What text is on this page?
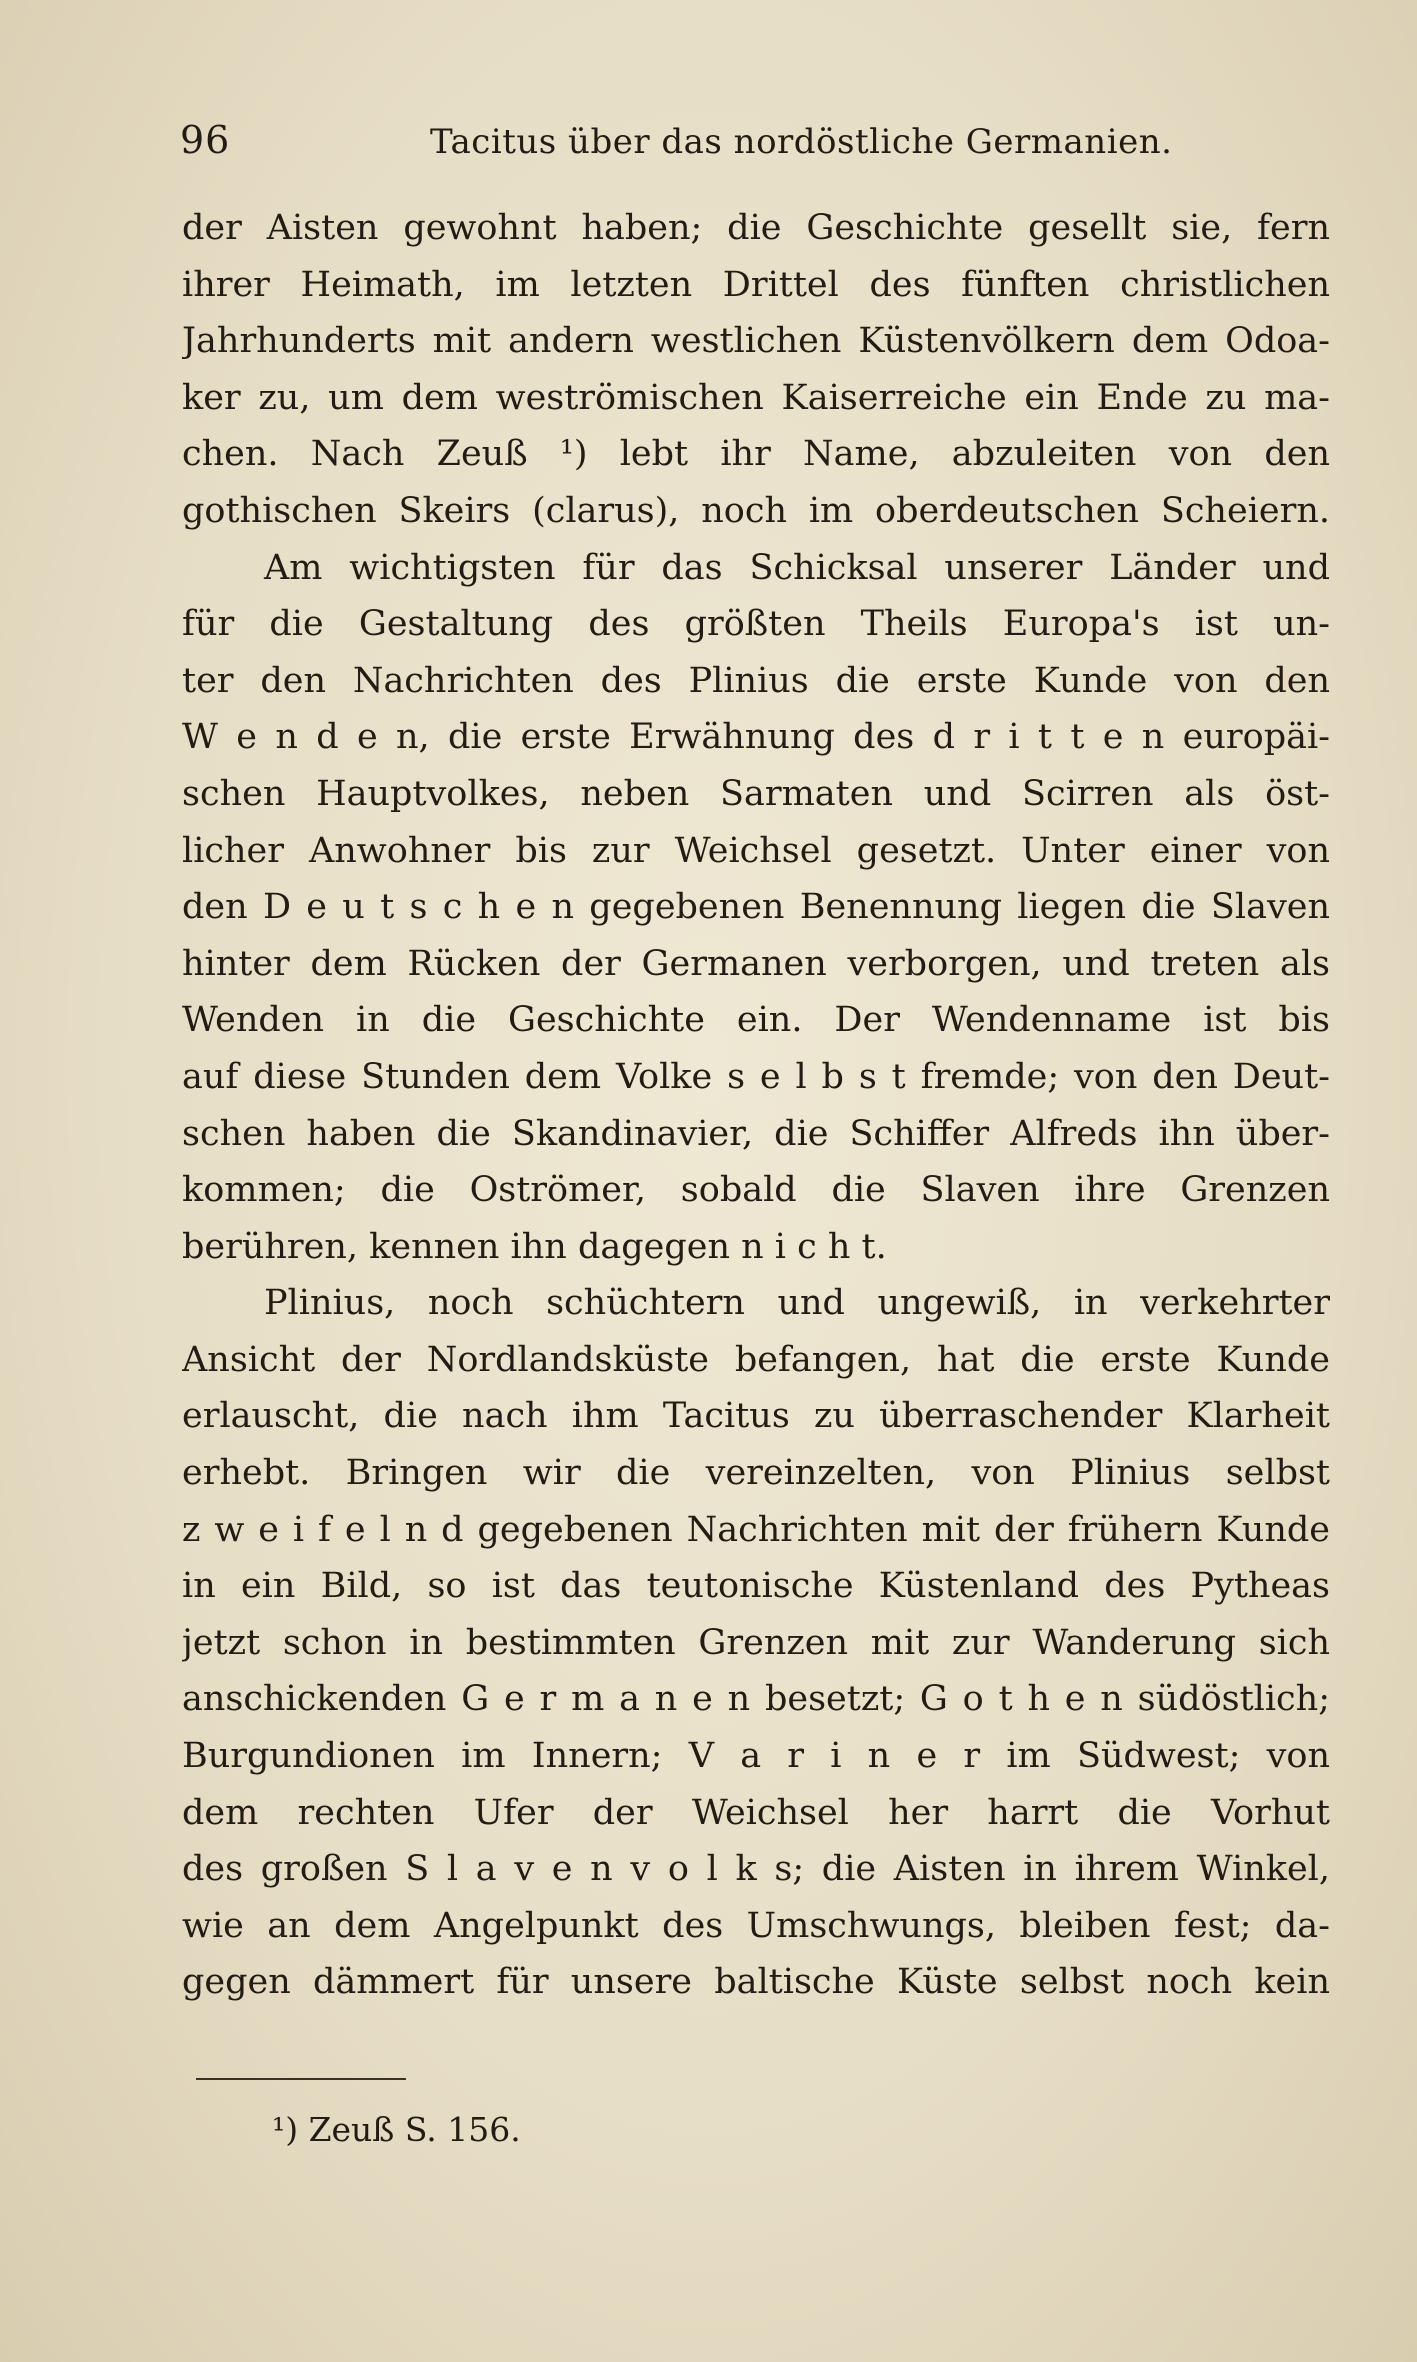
96	Tacitus über das nordöstliche Germanien.
der Aisten gewohnt haben; die Geschichte gesellt sie, fern
ihrer Heimath, im letzten Drittel des fünften christlichen
Jahrhunderts mit andern westlichen Küstenvölkern dem Odoa-
ker zu, um dem weströmischen Kaiserreiche ein Ende zu ma-
chen. Nach Zeuß ¹) lebt ihr Name, abzuleiten von den
gothischen Skeirs (clarus), noch im oberdeutschen Scheiern.
Am wichtigsten für das Schicksal unserer Länder und
für die Gestaltung des größten Theils Europa's ist un-
ter den Nachrichten des Plinius die erste Kunde von den
W e n d e n, die erste Erwähnung des d r i t t e n europäi-
schen Hauptvolkes, neben Sarmaten und Scirren als öst-
licher Anwohner bis zur Weichsel gesetzt. Unter einer von
den D e u t s c h e n gegebenen Benennung liegen die Slaven
hinter dem Rücken der Germanen verborgen, und treten als
Wenden in die Geschichte ein. Der Wendenname ist bis
auf diese Stunden dem Volke s e l b s t fremde; von den Deut-
schen haben die Skandinavier, die Schiffer Alfreds ihn über-
kommen; die Oströmer, sobald die Slaven ihre Grenzen
berühren, kennen ihn dagegen n i c h t.
Plinius, noch schüchtern und ungewiß, in verkehrter
Ansicht der Nordlandsküste befangen, hat die erste Kunde
erlauscht, die nach ihm Tacitus zu überraschender Klarheit
erhebt. Bringen wir die vereinzelten, von Plinius selbst
z w e i f e l n d gegebenen Nachrichten mit der frühern Kunde
in ein Bild, so ist das teutonische Küstenland des Pytheas
jetzt schon in bestimmten Grenzen mit zur Wanderung sich
anschickenden G e r m a n e n besetzt; G o t h e n südöstlich;
Burgundionen im Innern; V a r i n e r im Südwest; von
dem rechten Ufer der Weichsel her harrt die Vorhut
des großen S l a v e n v o l k s; die Aisten in ihrem Winkel,
wie an dem Angelpunkt des Umschwungs, bleiben fest; da-
gegen dämmert für unsere baltische Küste selbst noch kein
¹) Zeuß S. 156.
